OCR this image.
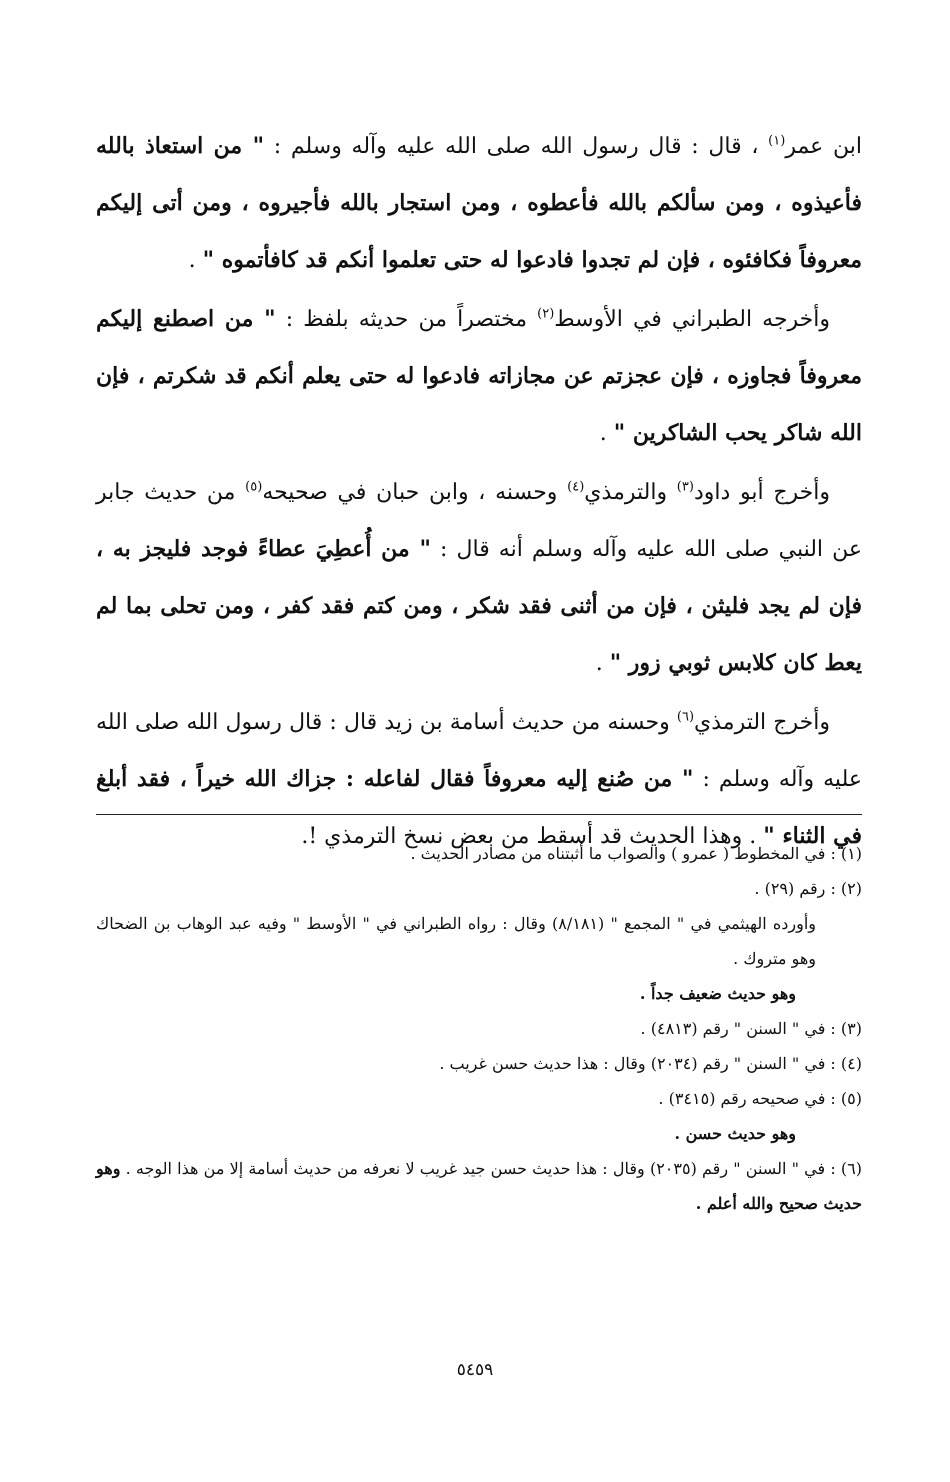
ابن عمر$^{(١)}$ ، قال : قال رسول الله صلى الله عليه وآله وسلم : " من استعاذ بالله فأعيذوه ، ومن سألكم بالله فأعطوه ، ومن استجار بالله فأجيروه ، ومن أتى إليكم معروفاً فكافئوه ، فإن لم تجدوا فادعوا له حتى تعلموا أنكم قد كافأتموه " .

وأخرجه الطبراني في الأوسط$^{(٢)}$ مختصراً من حديثه بلفظ : " من اصطنع إليكم معروفاً فجاوزه ، فإن عجزتم عن مجازاته فادعوا له حتى يعلم أنكم قد شكرتم ، فإن الله شاكر يحب الشاكرين " .

وأخرج أبو داود$^{(٣)}$ والترمذي$^{(٤)}$ وحسنه ، وابن حبان في صحيحه$^{(٥)}$ من حديث جابر عن النبي صلى الله عليه وآله وسلم أنه قال : " من أُعطِيَ عطاءً فوجد فليجز به ، فإن لم يجد فليثن ، فإن من أثنى فقد شكر ، ومن كتم فقد كفر ، ومن تحلى بما لم يعط كان كلابس ثوبي زور " .

وأخرج الترمذي$^{(٦)}$ وحسنه من حديث أسامة بن زيد قال : قال رسول الله صلى الله عليه وآله وسلم : " من صُنع إليه معروفاً فقال لفاعله : جزاك الله خيراً ، فقد أبلغ في الثناء " . وهذا الحديث قد أسقط من بعض نسخ الترمذي !.

(١) : في المخطوط ( عمرو ) والصواب ما أثبتناه من مصادر الحديث .

(٢) : رقم (٢٩) .

وأورده الهيثمي في " المجمع " (٨/١٨١) وقال : رواه الطبراني في " الأوسط " وفيه عبد الوهاب بن الضحاك وهو متروك .

وهو حديث ضعيف جداً .

(٣) : في " السنن " رقم (٤٨١٣) .

(٤) : في " السنن " رقم (٢٠٣٤) وقال : هذا حديث حسن غريب .

(٥) : في صحيحه رقم (٣٤١٥) .

وهو حديث حسن .

(٦) : في " السنن " رقم (٢٠٣٥) وقال : هذا حديث حسن جيد غريب لا نعرفه من حديث أسامة إلا من هذا الوجه . وهو حديث صحيح والله أعلم .

٥٤٥٩
